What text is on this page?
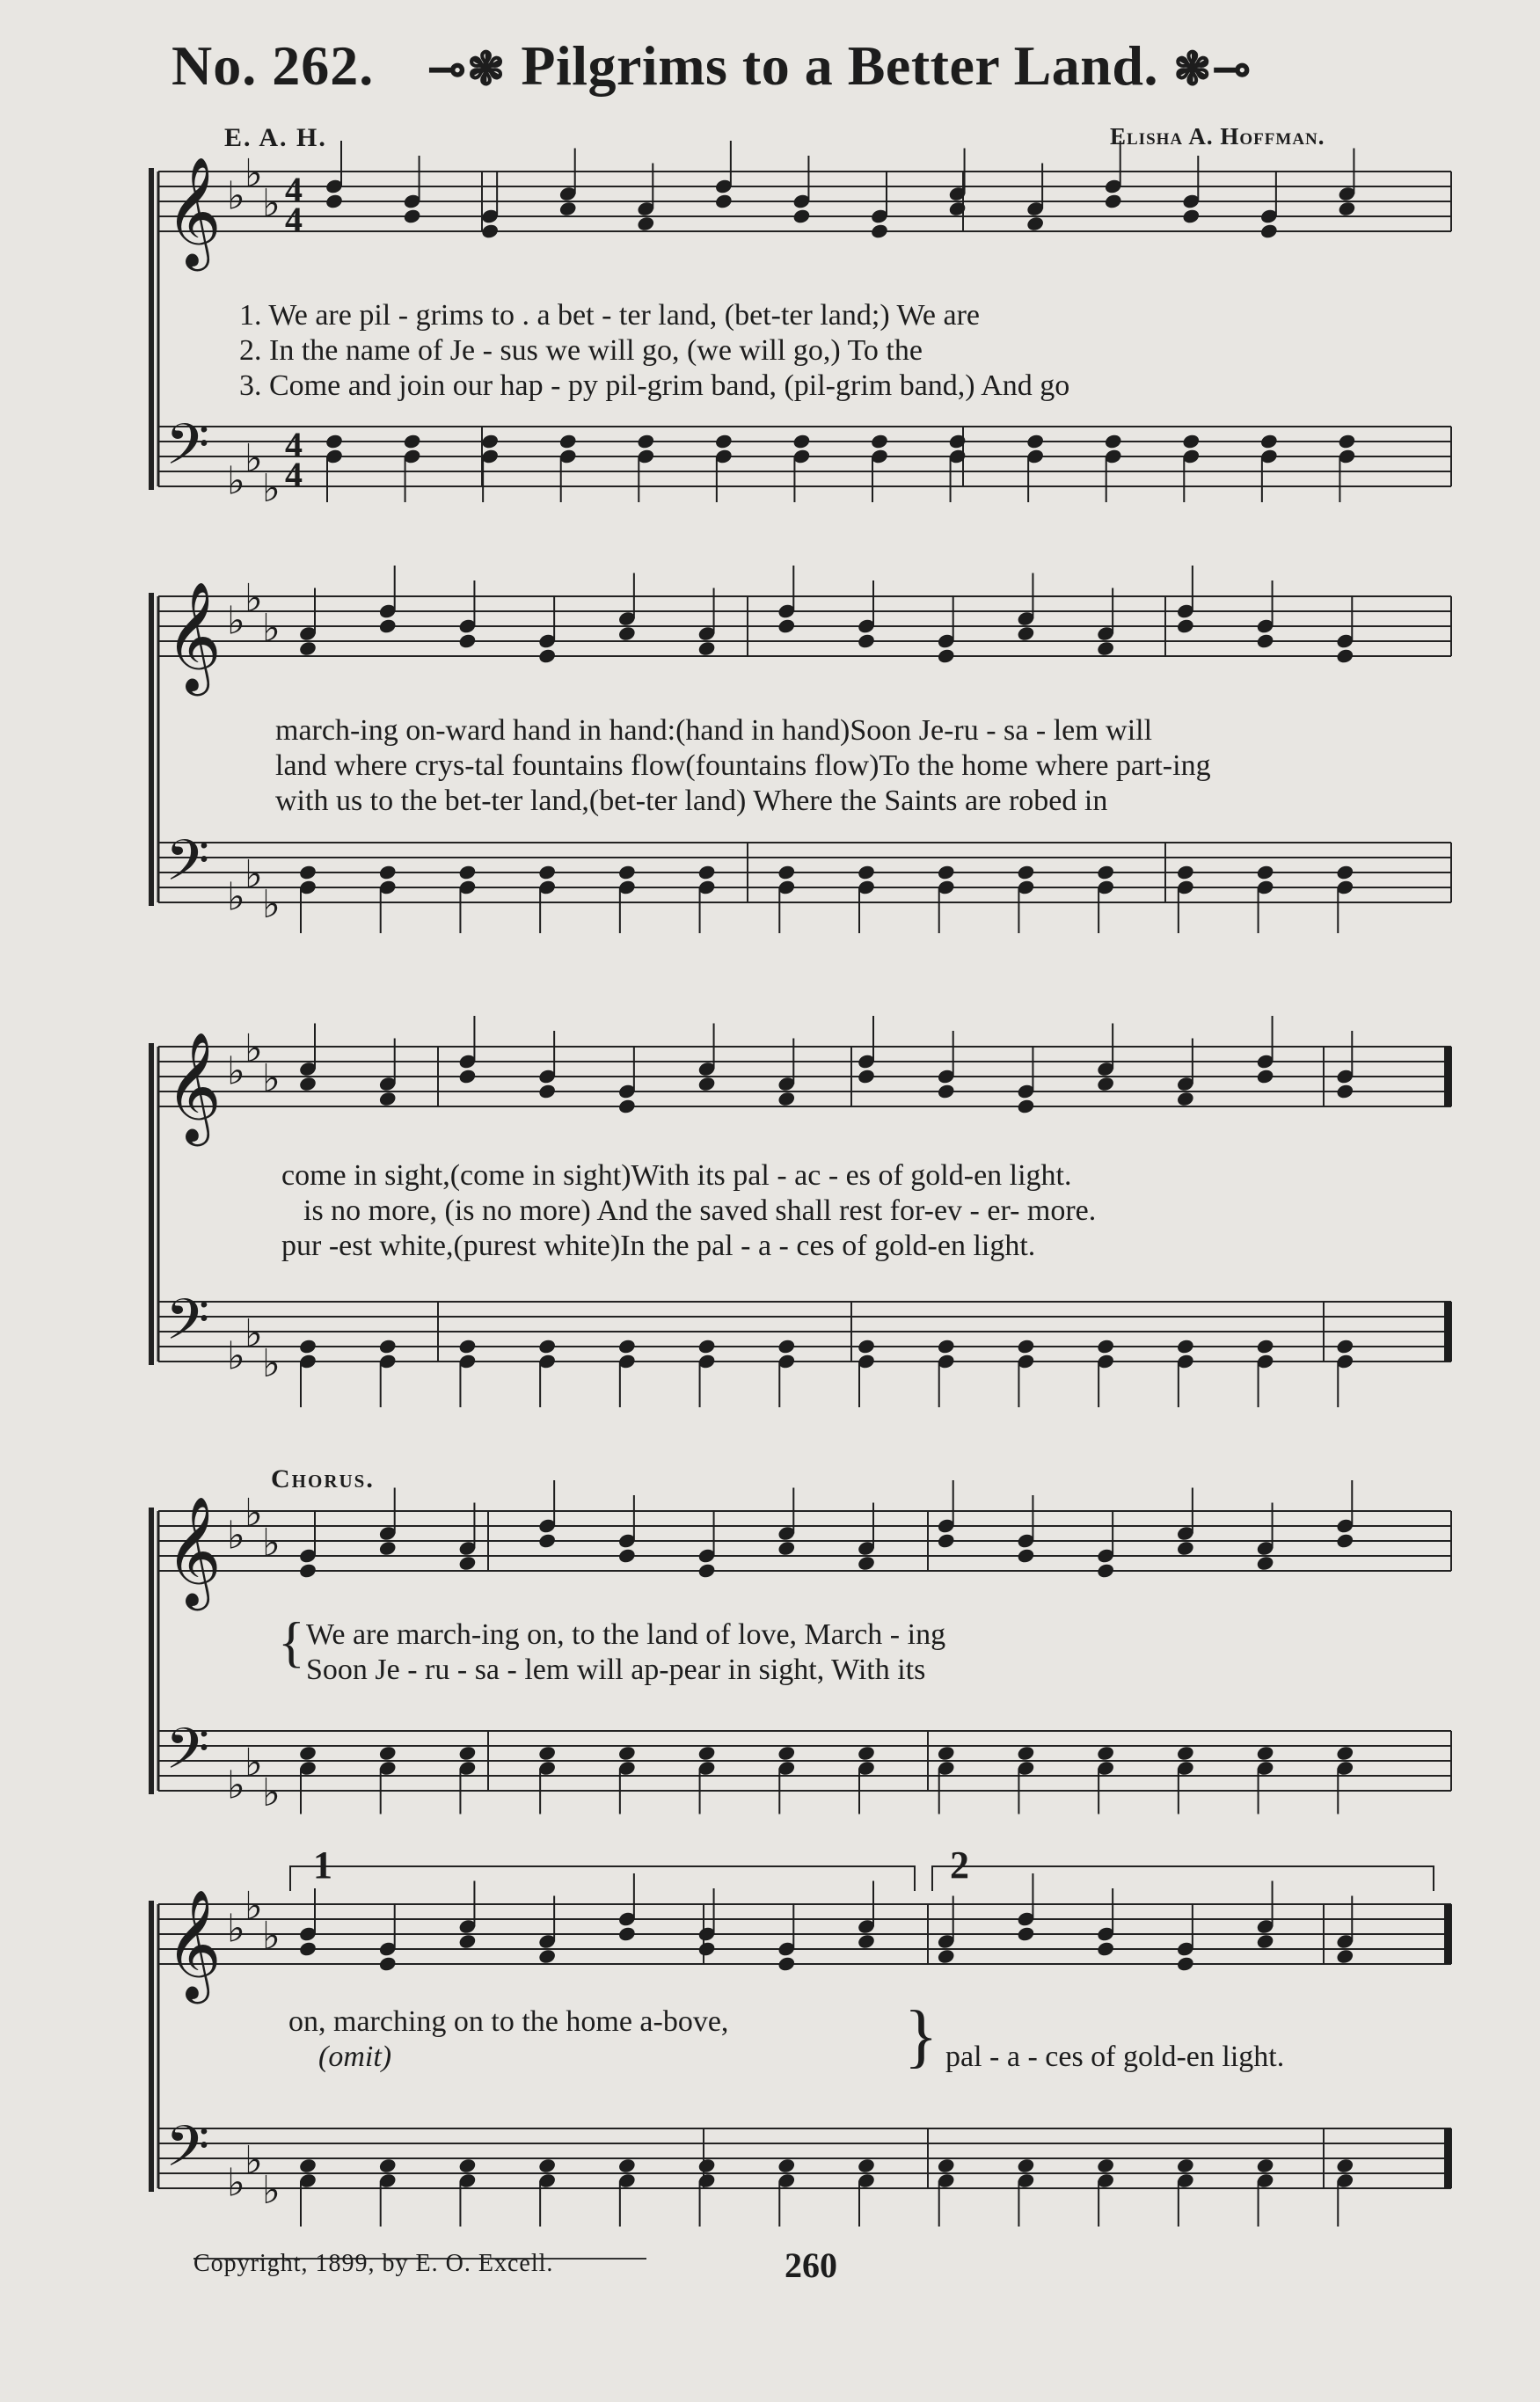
No. 262. ⊸❃ Pilgrims to a Better Land. ❃⊸
E. A. H.	Elisha A. Hoffman.
𝄞 ♭ ♭
♭ 4
4
𝄢 ♭ ♭
♭
4
4
𝄞 ♭ ♭
♭
𝄢 ♭
♭
♭
𝄞 ♭ ♭
♭
𝄢 ♭ ♭
♭
𝄞 ♭ ♭
♭
𝄢 ♭ ♭
♭
𝄞 ♭ ♭
♭
𝄢 ♭ ♭
♭
1. We are pil - grims to . a bet - ter land, (bet-ter land;) We are
2. In the name of Je - sus we will go, (we will go,) To the
3. Come and join our hap - py pil-grim band, (pil-grim band,) And go
march-ing on-ward hand in hand:(hand in hand)Soon Je-ru - sa - lem will
land where crys-tal fountains flow(fountains flow)To the home where part-ing
with us to the bet-ter land,(bet-ter land) Where the Saints are robed in
come in sight,(come in sight)With its pal - ac - es of gold-en light.
is no more, (is no more) And the saved shall rest for-ev - er- more.
pur -est white,(purest white)In the pal - a - ces of gold-en light.
Chorus.
{ We are march-ing on, to the land of love, March - ing
Soon Je - ru - sa - lem will ap-pear in sight, With its
1	2
on, marching on to the home a-bove,
(omit)	} pal - a - ces of gold-en light.
Copyright, 1899, by E. O. Excell.	260
